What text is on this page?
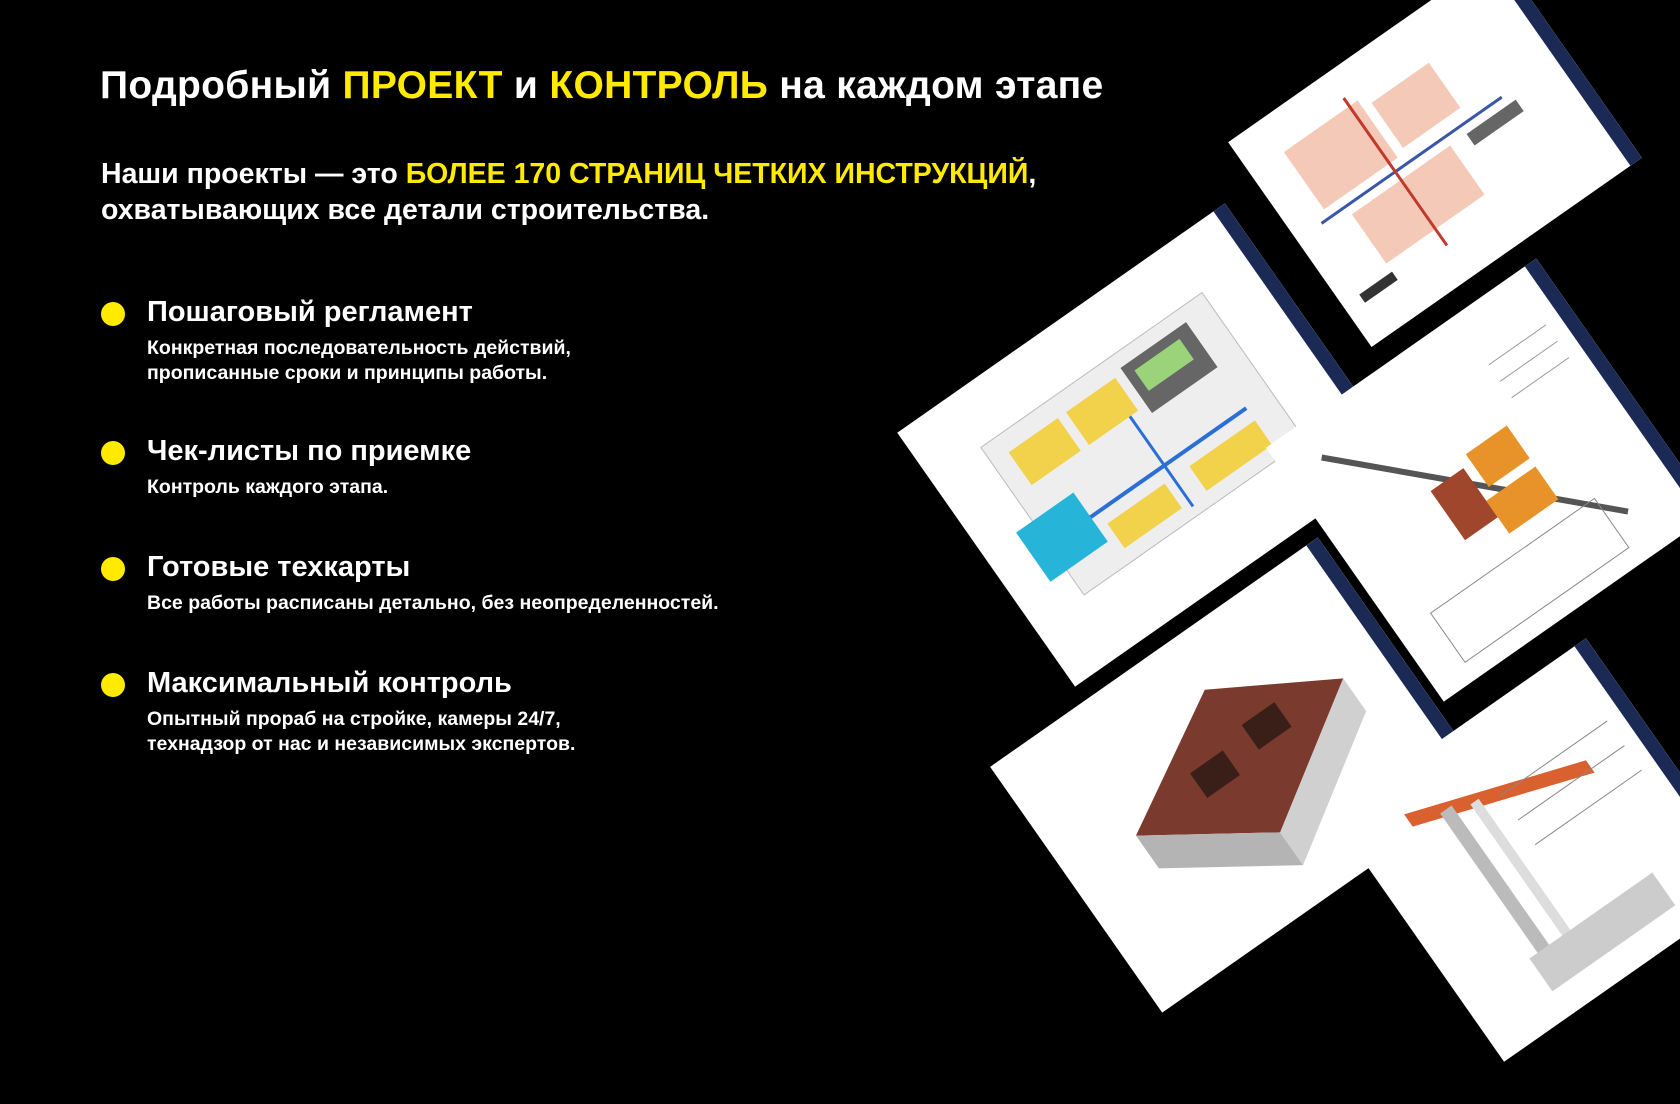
Подробный ПРОЕКТ и КОНТРОЛЬ на каждом этапе

Наши проекты — это БОЛЕЕ 170 СТРАНИЦ ЧЕТКИХ ИНСТРУКЦИЙ,
охватывающих все детали строительства.

Пошаговый регламент

Конкретная последовательность действий,
прописанные сроки и принципы работы.

Чек-листы по приемке

Контроль каждого этапа.

Готовые техкарты

Все работы расписаны детально, без неопределенностей.

Максимальный контроль

Опытный прораб на стройке, камеры 24/7,
технадзор от нас и независимых экспертов.
